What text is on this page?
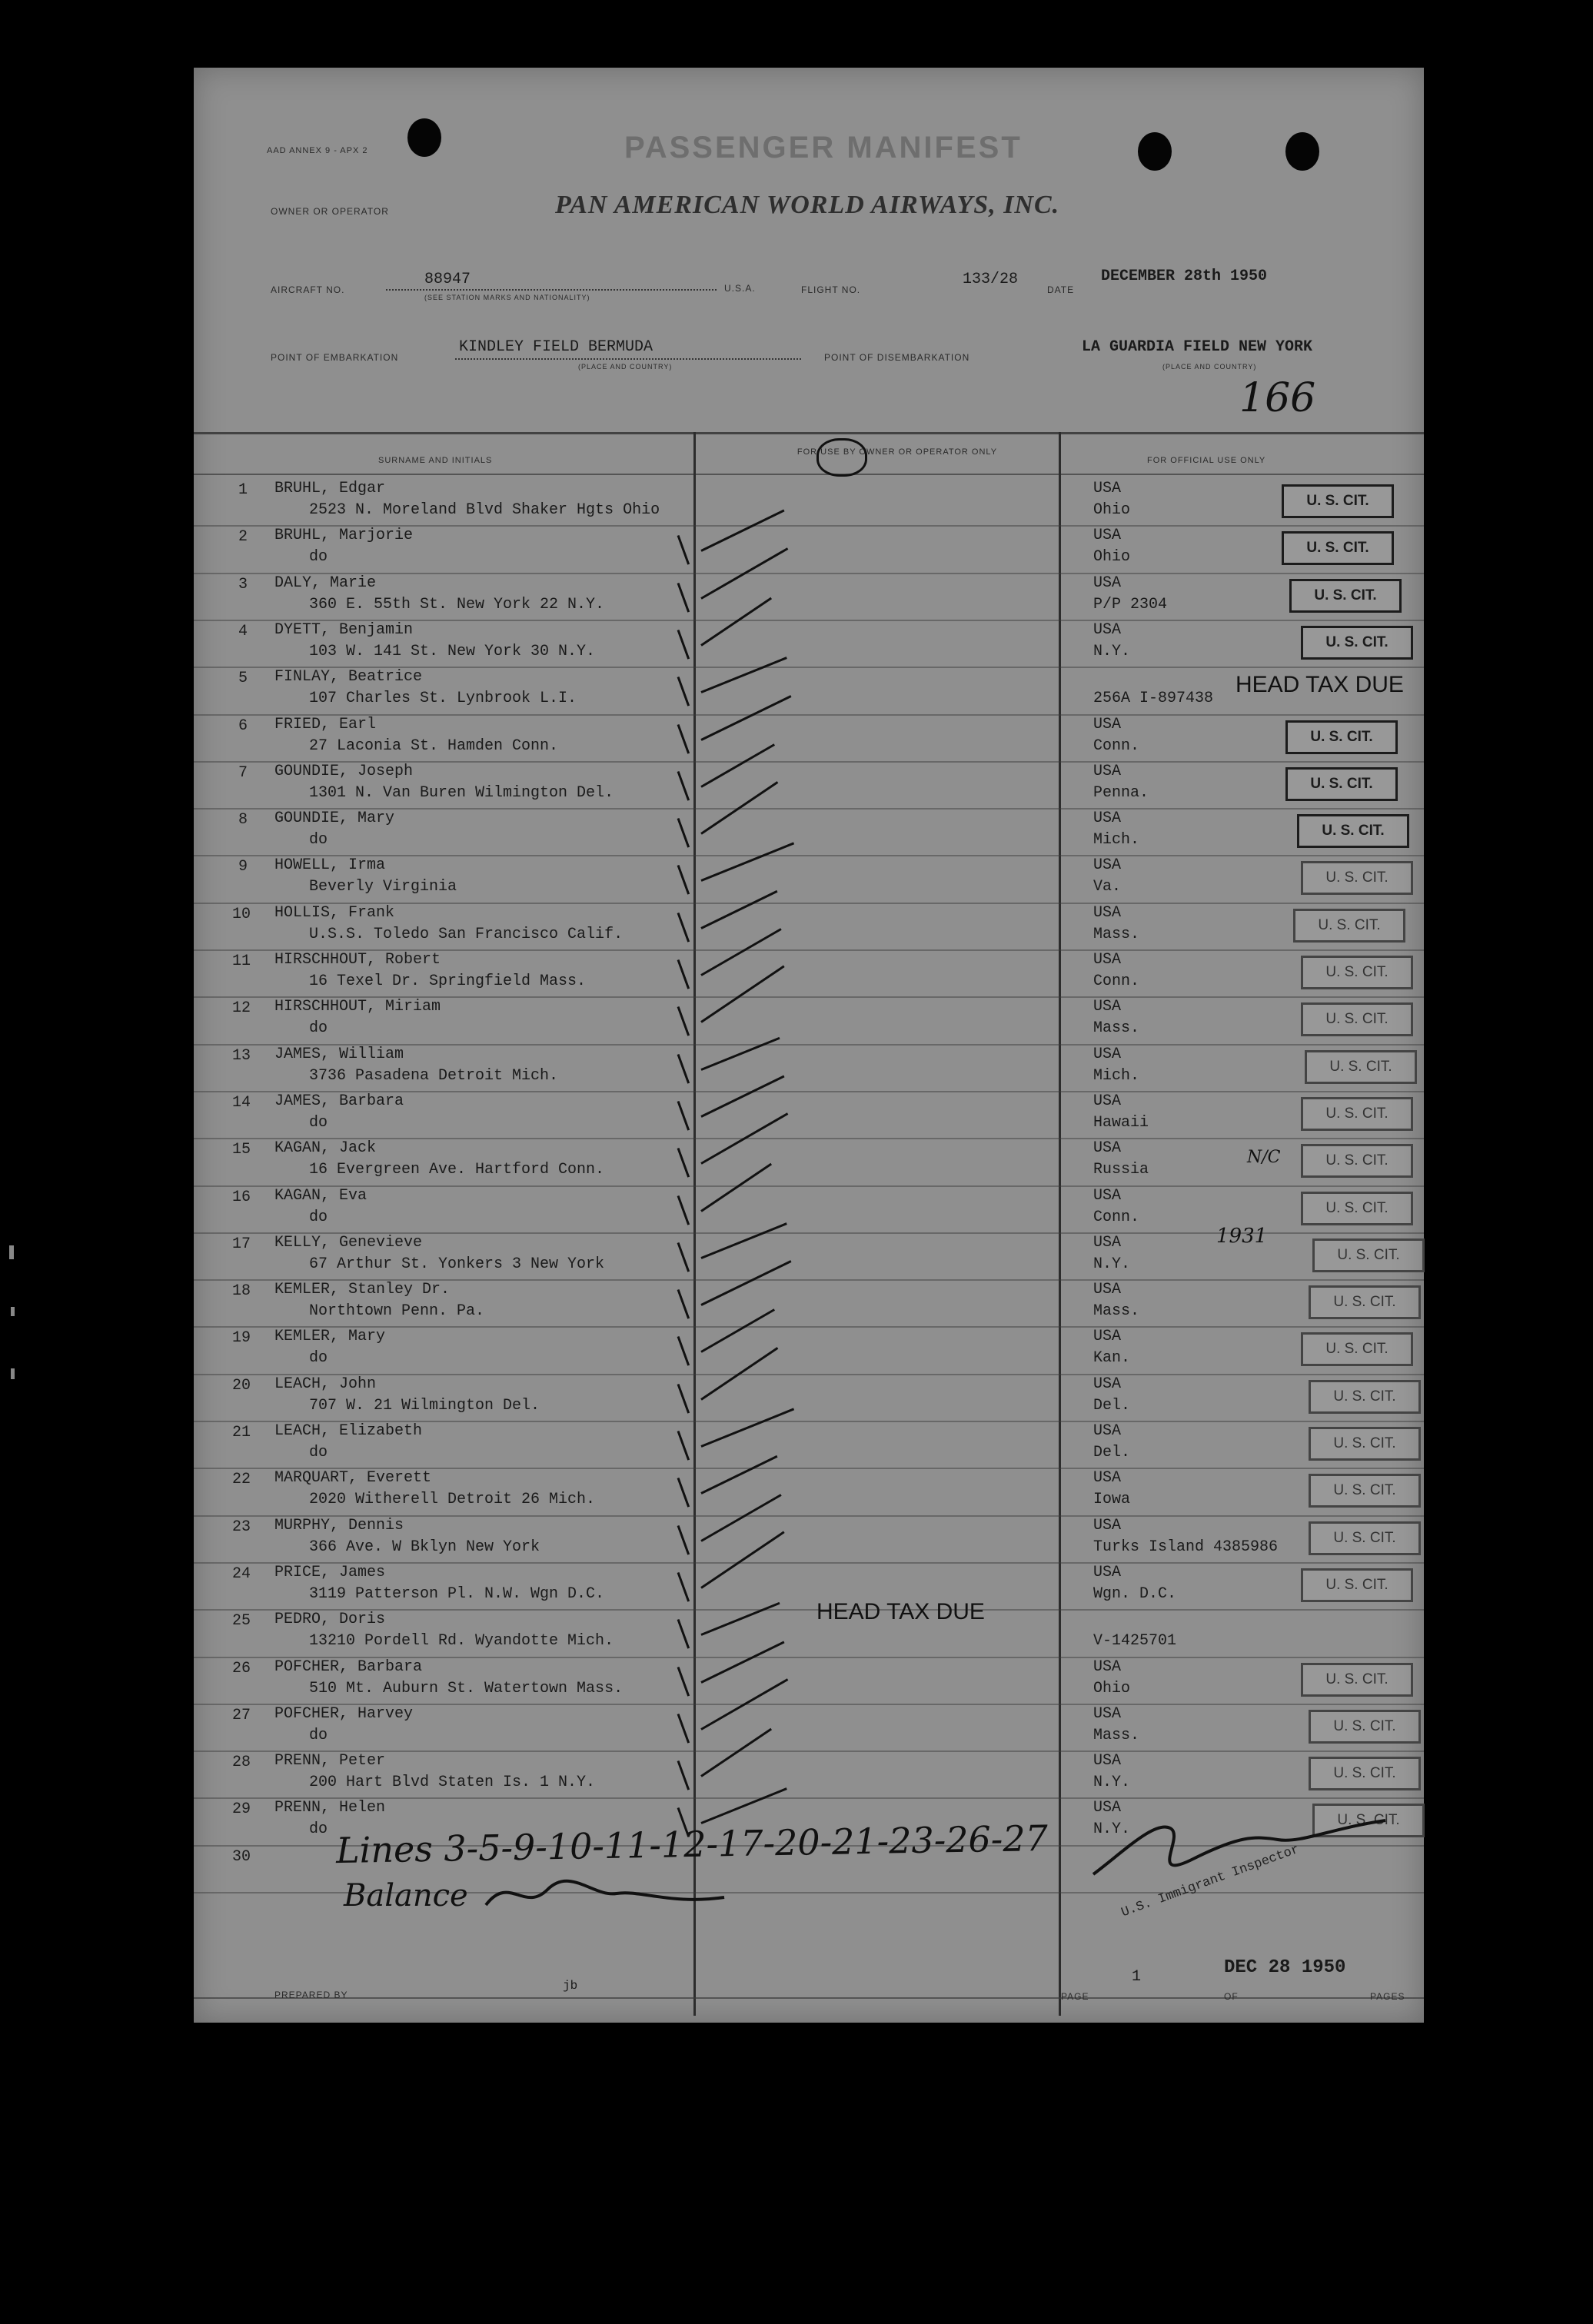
AAD ANNEX 9 - APX 2	PASSENGER MANIFEST
OWNER OR OPERATOR	PAN AMERICAN WORLD AIRWAYS, INC.
AIRCRAFT NO.
88947
(SEE STATION MARKS AND NATIONALITY)
U.S.A.	FLIGHT NO.
133/28
DATE
DECEMBER 28th 1950
POINT OF EMBARKATION
KINDLEY FIELD BERMUDA
(PLACE AND COUNTRY)
POINT OF DISEMBARKATION
LA GUARDIA FIELD NEW YORK
(PLACE AND COUNTRY)
166
SURNAME AND INITIALS
FOR USE BY OWNER OR OPERATOR ONLY
FOR OFFICIAL USE ONLY
1 BRUHL, Edgar
2523 N. Moreland Blvd Shaker Hgts Ohio
USA
Ohio
U. S. CIT.
2 BRUHL, Marjorie
do
USA
Ohio
U. S. CIT.
3 DALY, Marie
360 E. 55th St. New York 22 N.Y.
USA
P/P 2304
U. S. CIT.
4 DYETT, Benjamin
103 W. 141 St. New York 30 N.Y.
USA
N.Y.
U. S. CIT.
5 FINLAY, Beatrice
107 Charles St. Lynbrook L.I.	256A I-897438
6 FRIED, Earl
27 Laconia St. Hamden Conn.
USA
Conn.
U. S. CIT.
7 GOUNDIE, Joseph
1301 N. Van Buren Wilmington Del.
USA
Penna.
U. S. CIT.
8 GOUNDIE, Mary
do
USA
Mich.
U. S. CIT.
9 HOWELL, Irma
Beverly Virginia
USA
Va.
U. S. CIT.
10 HOLLIS, Frank
U.S.S. Toledo San Francisco Calif.
USA
Mass.
U. S. CIT.
11 HIRSCHHOUT, Robert
16 Texel Dr. Springfield Mass.
USA
Conn.
U. S. CIT.
12 HIRSCHHOUT, Miriam
do
USA
Mass.
U. S. CIT.
13 JAMES, William
3736 Pasadena Detroit Mich.
USA
Mich.
U. S. CIT.
14 JAMES, Barbara
do
USA
Hawaii
U. S. CIT.
15 KAGAN, Jack
16 Evergreen Ave. Hartford Conn.
USA
Russia
U. S. CIT.
16 KAGAN, Eva
do
USA
Conn.
U. S. CIT.
17 KELLY, Genevieve
67 Arthur St. Yonkers 3 New York
USA
N.Y.
U. S. CIT.
18 KEMLER, Stanley Dr.
Northtown Penn. Pa.
USA
Mass.
U. S. CIT.
19 KEMLER, Mary
do
USA
Kan.
U. S. CIT.
20 LEACH, John
707 W. 21 Wilmington Del.
USA
Del.
U. S. CIT.
21 LEACH, Elizabeth
do
USA
Del.
U. S. CIT.
22 MARQUART, Everett
2020 Witherell Detroit 26 Mich.
USA
Iowa
U. S. CIT.
23 MURPHY, Dennis
366 Ave. W Bklyn New York
USA
Turks Island 4385986
U. S. CIT.
24 PRICE, James
3119 Patterson Pl. N.W. Wgn D.C.
USA
Wgn. D.C.
U. S. CIT.
25 PEDRO, Doris
13210 Pordell Rd. Wyandotte Mich.	V-1425701
26 POFCHER, Barbara
510 Mt. Auburn St. Watertown Mass.
USA
Ohio
U. S. CIT.
27 POFCHER, Harvey
do
USA
Mass.
U. S. CIT.
28 PRENN, Peter
200 Hart Blvd Staten Is. 1 N.Y.
USA
N.Y.
U. S. CIT.
29 PRENN, Helen
do
USA
N.Y.
U. S. CIT.
30
HEAD TAX DUE
HEAD TAX DUE
N/C
1931
Lines 3-5-9-10-11-12-17-20-21-23-26-27
Balance	U.S. Immigrant Inspector
PREPARED BY
jb
PAGE
1	DEC 28 1950
OF	PAGES
